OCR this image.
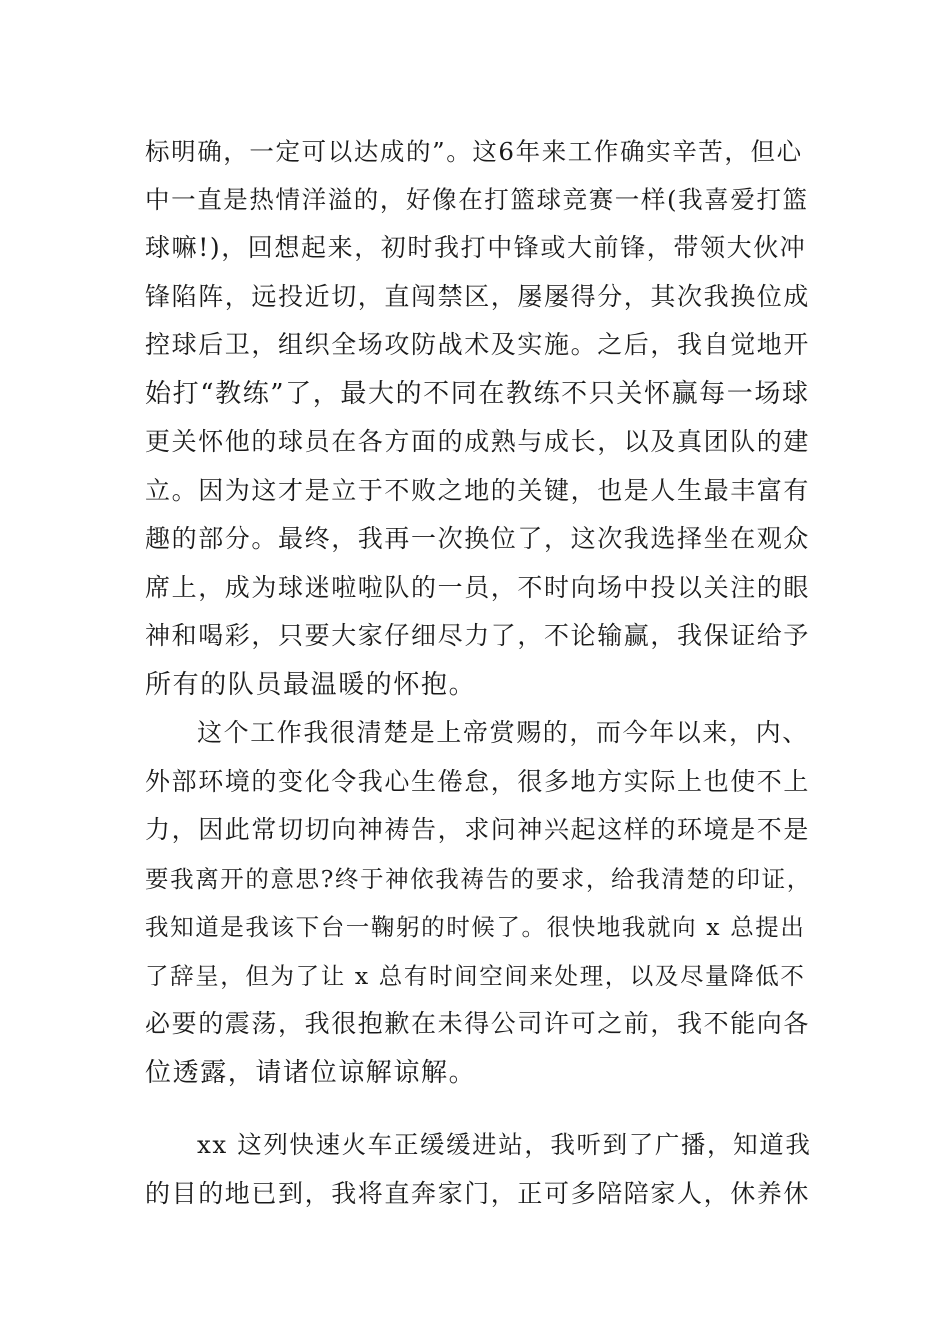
标明确，一定可以达成的”。这6年来工作确实辛苦，但心
中一直是热情洋溢的，好像在打篮球竞赛一样(我喜爱打篮
球嘛!)，回想起来，初时我打中锋或大前锋，带领大伙冲
锋陷阵，远投近切，直闯禁区，屡屡得分，其次我换位成
控球后卫，组织全场攻防战术及实施。之后，我自觉地开
始打“教练”了，最大的不同在教练不只关怀赢每一场球
更关怀他的球员在各方面的成熟与成长，以及真团队的建
立。因为这才是立于不败之地的关键，也是人生最丰富有
趣的部分。最终，我再一次换位了，这次我选择坐在观众
席上，成为球迷啦啦队的一员，不时向场中投以关注的眼
神和喝彩，只要大家仔细尽力了，不论输赢，我保证给予
所有的队员最温暖的怀抱。
这个工作我很清楚是上帝赏赐的，而今年以来，内、
外部环境的变化令我心生倦怠，很多地方实际上也使不上
力，因此常切切向神祷告，求问神兴起这样的环境是不是
要我离开的意思?终于神依我祷告的要求，给我清楚的印证，
我知道是我该下台一鞠躬的时候了。很快地我就向 x 总提出
了辞呈，但为了让 x 总有时间空间来处理，以及尽量降低不
必要的震荡，我很抱歉在未得公司许可之前，我不能向各
位透露，请诸位谅解谅解。
xx 这列快速火车正缓缓进站，我听到了广播，知道我
的目的地已到，我将直奔家门，正可多陪陪家人，休养休
